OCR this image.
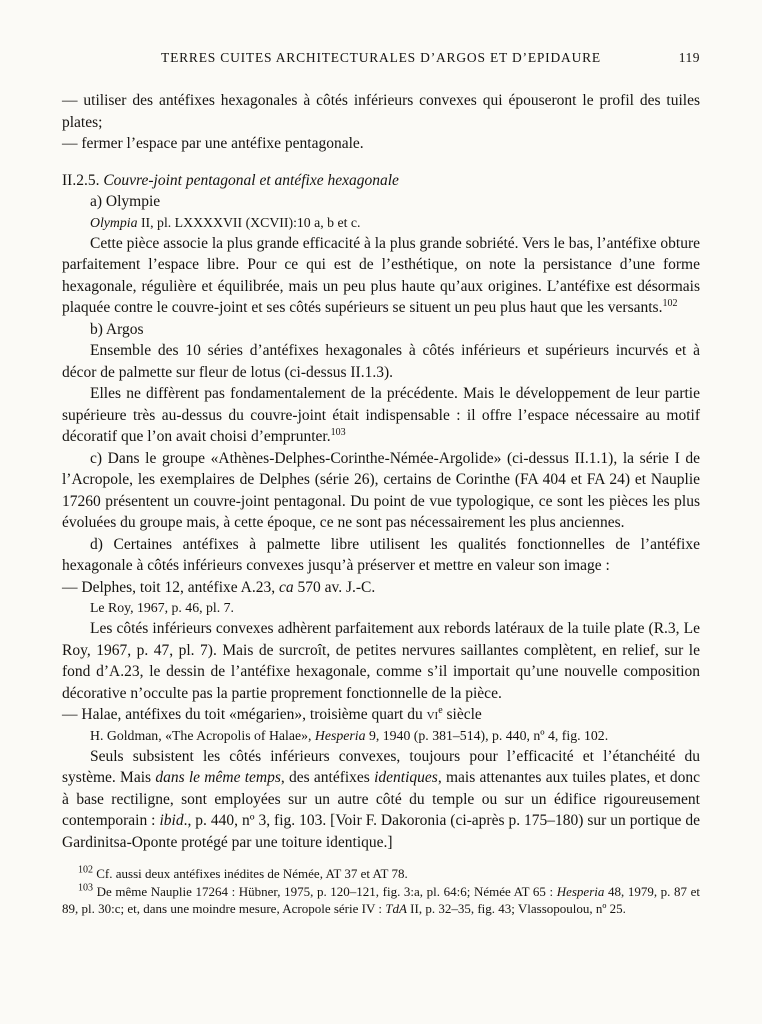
TERRES CUITES ARCHITECTURALES D’ARGOS ET D’EPIDAURE	119

— utiliser des antéfixes hexagonales à côtés inférieurs convexes qui épouseront le profil des tuiles plates;

— fermer l’espace par une antéfixe pentagonale.

II.2.5. Couvre-joint pentagonal et antéfixe hexagonale

a) Olympie

Olympia II, pl. LXXXXVII (XCVII):10 a, b et c.

Cette pièce associe la plus grande efficacité à la plus grande sobriété. Vers le bas, l’antéfixe obture parfaitement l’espace libre. Pour ce qui est de l’esthétique, on note la persistance d’une forme hexagonale, régulière et équilibrée, mais un peu plus haute qu’aux origines. L’antéfixe est désormais plaquée contre le couvre-joint et ses côtés supérieurs se situent un peu plus haut que les versants.$^{102}$

b) Argos

Ensemble des 10 séries d’antéfixes hexagonales à côtés inférieurs et supérieurs incurvés et à décor de palmette sur fleur de lotus (ci-dessus II.1.3).

Elles ne diffèrent pas fondamentalement de la précédente. Mais le développement de leur partie supérieure très au-dessus du couvre-joint était indispensable : il offre l’espace nécessaire au motif décoratif que l’on avait choisi d’emprunter.$^{103}$

c) Dans le groupe «Athènes-Delphes-Corinthe-Némée-Argolide» (ci-dessus II.1.1), la série I de l’Acropole, les exemplaires de Delphes (série 26), certains de Corinthe (FA 404 et FA 24) et Nauplie 17260 présentent un couvre-joint pentagonal. Du point de vue typologique, ce sont les pièces les plus évoluées du groupe mais, à cette époque, ce ne sont pas nécessairement les plus anciennes.

d) Certaines antéfixes à palmette libre utilisent les qualités fonctionnelles de l’antéfixe hexagonale à côtés inférieurs convexes jusqu’à préserver et mettre en valeur son image :

— Delphes, toit 12, antéfixe A.23, ca 570 av. J.-C.

Le Roy, 1967, p. 46, pl. 7.

Les côtés inférieurs convexes adhèrent parfaitement aux rebords latéraux de la tuile plate (R.3, Le Roy, 1967, p. 47, pl. 7). Mais de surcroît, de petites nervures saillantes complètent, en relief, sur le fond d’A.23, le dessin de l’antéfixe hexagonale, comme s’il importait qu’une nouvelle composition décorative n’occulte pas la partie proprement fonctionnelle de la pièce.

— Halae, antéfixes du toit «mégarien», troisième quart du $vi^e$ siècle

H. Goldman, «The Acropolis of Halae», Hesperia 9, 1940 (p. 381–514), p. 440, nº 4, fig. 102.

Seuls subsistent les côtés inférieurs convexes, toujours pour l’efficacité et l’étanchéité du système. Mais dans le même temps, des antéfixes identiques, mais attenantes aux tuiles plates, et donc à base rectiligne, sont employées sur un autre côté du temple ou sur un édifice rigoureusement contemporain : ibid., p. 440, nº 3, fig. 103. [Voir F. Dakoronia (ci-après p. 175–180) sur un portique de Gardinitsa-Oponte protégé par une toiture identique.]

$^{102}$ Cf. aussi deux antéfixes inédites de Némée, AT 37 et AT 78.

$^{103}$ De même Nauplie 17264 : Hübner, 1975, p. 120–121, fig. 3:a, pl. 64:6; Némée AT 65 : Hesperia 48, 1979, p. 87 et 89, pl. 30:c; et, dans une moindre mesure, Acropole série IV : TdA II, p. 32–35, fig. 43; Vlassopoulou, nº 25.
